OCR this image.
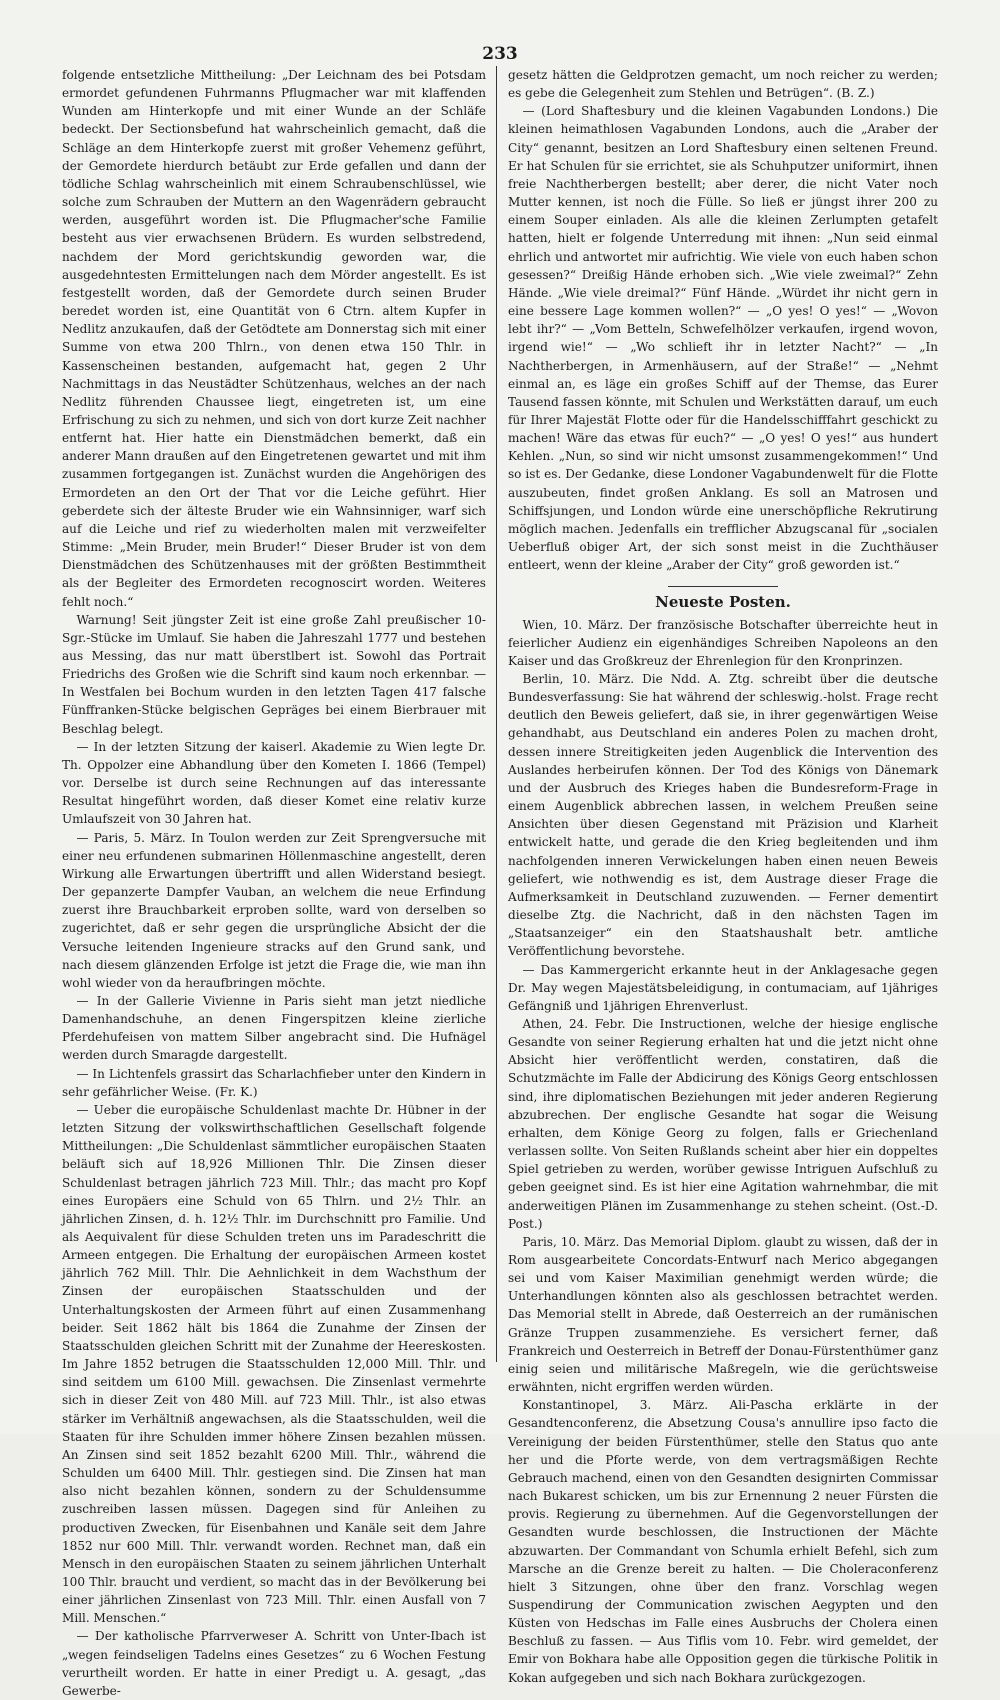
233

folgende entsetzliche Mittheilung: „Der Leichnam des bei Potsdam ermordet gefundenen Fuhrmanns Pflugmacher war mit klaffenden Wunden am Hinterkopfe und mit einer Wunde an der Schläfe bedeckt. Der Sectionsbefund hat wahrscheinlich gemacht, daß die Schläge an dem Hinterkopfe zuerst mit großer Vehemenz geführt, der Gemordete hierdurch betäubt zur Erde gefallen und dann der tödliche Schlag wahrscheinlich mit einem Schraubenschlüssel, wie solche zum Schrauben der Muttern an den Wagenrädern gebraucht werden, ausgeführt worden ist. Die Pflugmacher'sche Familie besteht aus vier erwachsenen Brüdern. Es wurden selbstredend, nachdem der Mord gerichtskundig geworden war, die ausgedehntesten Ermittelungen nach dem Mörder angestellt. Es ist festgestellt worden, daß der Gemordete durch seinen Bruder beredet worden ist, eine Quantität von 6 Ctrn. altem Kupfer in Nedlitz anzukaufen, daß der Getödtete am Donnerstag sich mit einer Summe von etwa 200 Thlrn., von denen etwa 150 Thlr. in Kassenscheinen bestanden, aufgemacht hat, gegen 2 Uhr Nachmittags in das Neustädter Schützenhaus, welches an der nach Nedlitz führenden Chaussee liegt, eingetreten ist, um eine Erfrischung zu sich zu nehmen, und sich von dort kurze Zeit nachher entfernt hat. Hier hatte ein Dienstmädchen bemerkt, daß ein anderer Mann draußen auf den Eingetretenen gewartet und mit ihm zusammen fortgegangen ist. Zunächst wurden die Angehörigen des Ermordeten an den Ort der That vor die Leiche geführt. Hier geberdete sich der älteste Bruder wie ein Wahnsinniger, warf sich auf die Leiche und rief zu wiederholten malen mit verzweifelter Stimme: „Mein Bruder, mein Bruder!“ Dieser Bruder ist von dem Dienstmädchen des Schützenhauses mit der größten Bestimmtheit als der Begleiter des Ermordeten recognoscirt worden. Weiteres fehlt noch.“

Warnung! Seit jüngster Zeit ist eine große Zahl preußischer 10-Sgr.-Stücke im Umlauf. Sie haben die Jahreszahl 1777 und bestehen aus Messing, das nur matt überstlbert ist. Sowohl das Portrait Friedrichs des Großen wie die Schrift sind kaum noch erkennbar. — In Westfalen bei Bochum wurden in den letzten Tagen 417 falsche Fünffranken-Stücke belgischen Gepräges bei einem Bierbrauer mit Beschlag belegt.

— In der letzten Sitzung der kaiserl. Akademie zu Wien legte Dr. Th. Oppolzer eine Abhandlung über den Kometen I. 1866 (Tempel) vor. Derselbe ist durch seine Rechnungen auf das interessante Resultat hingeführt worden, daß dieser Komet eine relativ kurze Umlaufszeit von 30 Jahren hat.

— Paris, 5. März. In Toulon werden zur Zeit Sprengversuche mit einer neu erfundenen submarinen Höllenmaschine angestellt, deren Wirkung alle Erwartungen übertrifft und allen Widerstand besiegt. Der gepanzerte Dampfer Vauban, an welchem die neue Erfindung zuerst ihre Brauchbarkeit erproben sollte, ward von derselben so zugerichtet, daß er sehr gegen die ursprüngliche Absicht der die Versuche leitenden Ingenieure stracks auf den Grund sank, und nach diesem glänzenden Erfolge ist jetzt die Frage die, wie man ihn wohl wieder von da heraufbringen möchte.

— In der Gallerie Vivienne in Paris sieht man jetzt niedliche Damenhandschuhe, an denen Fingerspitzen kleine zierliche Pferdehufeisen von mattem Silber angebracht sind. Die Hufnägel werden durch Smaragde dargestellt.

— In Lichtenfels grassirt das Scharlachfieber unter den Kindern in sehr gefährlicher Weise. (Fr. K.)

— Ueber die europäische Schuldenlast machte Dr. Hübner in der letzten Sitzung der volkswirthschaftlichen Gesellschaft folgende Mittheilungen: „Die Schuldenlast sämmtlicher europäischen Staaten beläuft sich auf 18,926 Millionen Thlr. Die Zinsen dieser Schuldenlast betragen jährlich 723 Mill. Thlr.; das macht pro Kopf eines Europäers eine Schuld von 65 Thlrn. und 2½ Thlr. an jährlichen Zinsen, d. h. 12½ Thlr. im Durchschnitt pro Familie. Und als Aequivalent für diese Schulden treten uns im Paradeschritt die Armeen entgegen. Die Erhaltung der europäischen Armeen kostet jährlich 762 Mill. Thlr. Die Aehnlichkeit in dem Wachsthum der Zinsen der europäischen Staatsschulden und der Unterhaltungskosten der Armeen führt auf einen Zusammenhang beider. Seit 1862 hält bis 1864 die Zunahme der Zinsen der Staatsschulden gleichen Schritt mit der Zunahme der Heereskosten. Im Jahre 1852 betrugen die Staatsschulden 12,000 Mill. Thlr. und sind seitdem um 6100 Mill. gewachsen. Die Zinsenlast vermehrte sich in dieser Zeit von 480 Mill. auf 723 Mill. Thlr., ist also etwas stärker im Verhältniß angewachsen, als die Staatsschulden, weil die Staaten für ihre Schulden immer höhere Zinsen bezahlen müssen. An Zinsen sind seit 1852 bezahlt 6200 Mill. Thlr., während die Schulden um 6400 Mill. Thlr. gestiegen sind. Die Zinsen hat man also nicht bezahlen können, sondern zu der Schuldensumme zuschreiben lassen müssen. Dagegen sind für Anleihen zu productiven Zwecken, für Eisenbahnen und Kanäle seit dem Jahre 1852 nur 600 Mill. Thlr. verwandt worden. Rechnet man, daß ein Mensch in den europäischen Staaten zu seinem jährlichen Unterhalt 100 Thlr. braucht und verdient, so macht das in der Bevölkerung bei einer jährlichen Zinsenlast von 723 Mill. Thlr. einen Ausfall von 7 Mill. Menschen.“

— Der katholische Pfarrverweser A. Schritt von Unter-Ibach ist „wegen feindseligen Tadelns eines Gesetzes“ zu 6 Wochen Festung verurtheilt worden. Er hatte in einer Predigt u. A. gesagt, „das Gewerbe-

gesetz hätten die Geldprotzen gemacht, um noch reicher zu werden; es gebe die Gelegenheit zum Stehlen und Betrügen“. (B. Z.)

— (Lord Shaftesbury und die kleinen Vagabunden Londons.) Die kleinen heimathlosen Vagabunden Londons, auch die „Araber der City“ genannt, besitzen an Lord Shaftesbury einen seltenen Freund. Er hat Schulen für sie errichtet, sie als Schuhputzer uniformirt, ihnen freie Nachtherbergen bestellt; aber derer, die nicht Vater noch Mutter kennen, ist noch die Fülle. So ließ er jüngst ihrer 200 zu einem Souper einladen. Als alle die kleinen Zerlumpten getafelt hatten, hielt er folgende Unterredung mit ihnen: „Nun seid einmal ehrlich und antwortet mir aufrichtig. Wie viele von euch haben schon gesessen?“ Dreißig Hände erhoben sich. „Wie viele zweimal?“ Zehn Hände. „Wie viele dreimal?“ Fünf Hände. „Würdet ihr nicht gern in eine bessere Lage kommen wollen?“ — „O yes! O yes!“ — „Wovon lebt ihr?“ — „Vom Betteln, Schwefelhölzer verkaufen, irgend wovon, irgend wie!“ — „Wo schlieft ihr in letzter Nacht?“ — „In Nachtherbergen, in Armenhäusern, auf der Straße!“ — „Nehmt einmal an, es läge ein großes Schiff auf der Themse, das Eurer Tausend fassen könnte, mit Schulen und Werkstätten darauf, um euch für Ihrer Majestät Flotte oder für die Handelsschifffahrt geschickt zu machen! Wäre das etwas für euch?“ — „O yes! O yes!“ aus hundert Kehlen. „Nun, so sind wir nicht umsonst zusammengekommen!“ Und so ist es. Der Gedanke, diese Londoner Vagabundenwelt für die Flotte auszubeuten, findet großen Anklang. Es soll an Matrosen und Schiffsjungen, und London würde eine unerschöpfliche Rekrutirung möglich machen. Jedenfalls ein trefflicher Abzugscanal für „socialen Ueberfluß obiger Art, der sich sonst meist in die Zuchthäuser entleert, wenn der kleine „Araber der City“ groß geworden ist.“

Neueste Posten.

Wien, 10. März. Der französische Botschafter überreichte heut in feierlicher Audienz ein eigenhändiges Schreiben Napoleons an den Kaiser und das Großkreuz der Ehrenlegion für den Kronprinzen.

Berlin, 10. März. Die Ndd. A. Ztg. schreibt über die deutsche Bundesverfassung: Sie hat während der schleswig.-holst. Frage recht deutlich den Beweis geliefert, daß sie, in ihrer gegenwärtigen Weise gehandhabt, aus Deutschland ein anderes Polen zu machen droht, dessen innere Streitigkeiten jeden Augenblick die Intervention des Auslandes herbeirufen können. Der Tod des Königs von Dänemark und der Ausbruch des Krieges haben die Bundesreform-Frage in einem Augenblick abbrechen lassen, in welchem Preußen seine Ansichten über diesen Gegenstand mit Präzision und Klarheit entwickelt hatte, und gerade die den Krieg begleitenden und ihm nachfolgenden inneren Verwickelungen haben einen neuen Beweis geliefert, wie nothwendig es ist, dem Austrage dieser Frage die Aufmerksamkeit in Deutschland zuzuwenden. — Ferner dementirt dieselbe Ztg. die Nachricht, daß in den nächsten Tagen im „Staatsanzeiger“ ein den Staatshaushalt betr. amtliche Veröffentlichung bevorstehe.

— Das Kammergericht erkannte heut in der Anklagesache gegen Dr. May wegen Majestätsbeleidigung, in contumaciam, auf 1jähriges Gefängniß und 1jährigen Ehrenverlust.

Athen, 24. Febr. Die Instructionen, welche der hiesige englische Gesandte von seiner Regierung erhalten hat und die jetzt nicht ohne Absicht hier veröffentlicht werden, constatiren, daß die Schutzmächte im Falle der Abdicirung des Königs Georg entschlossen sind, ihre diplomatischen Beziehungen mit jeder anderen Regierung abzubrechen. Der englische Gesandte hat sogar die Weisung erhalten, dem Könige Georg zu folgen, falls er Griechenland verlassen sollte. Von Seiten Rußlands scheint aber hier ein doppeltes Spiel getrieben zu werden, worüber gewisse Intriguen Aufschluß zu geben geeignet sind. Es ist hier eine Agitation wahrnehmbar, die mit anderweitigen Plänen im Zusammenhange zu stehen scheint. (Ost.-D. Post.)

Paris, 10. März. Das Memorial Diplom. glaubt zu wissen, daß der in Rom ausgearbeitete Concordats-Entwurf nach Merico abgegangen sei und vom Kaiser Maximilian genehmigt werden würde; die Unterhandlungen könnten also als geschlossen betrachtet werden. Das Memorial stellt in Abrede, daß Oesterreich an der rumänischen Gränze Truppen zusammenziehe. Es versichert ferner, daß Frankreich und Oesterreich in Betreff der Donau-Fürstenthümer ganz einig seien und militärische Maßregeln, wie die gerüchtsweise erwähnten, nicht ergriffen werden würden.

Konstantinopel, 3. März. Ali-Pascha erklärte in der Gesandtenconferenz, die Absetzung Cousa's annullire ipso facto die Vereinigung der beiden Fürstenthümer, stelle den Status quo ante her und die Pforte werde, von dem vertragsmäßigen Rechte Gebrauch machend, einen von den Gesandten designirten Commissar nach Bukarest schicken, um bis zur Ernennung 2 neuer Fürsten die provis. Regierung zu übernehmen. Auf die Gegenvorstellungen der Gesandten wurde beschlossen, die Instructionen der Mächte abzuwarten. Der Commandant von Schumla erhielt Befehl, sich zum Marsche an die Grenze bereit zu halten. — Die Choleraconferenz hielt 3 Sitzungen, ohne über den franz. Vorschlag wegen Suspendirung der Communication zwischen Aegypten und den Küsten von Hedschas im Falle eines Ausbruchs der Cholera einen Beschluß zu fassen. — Aus Tiflis vom 10. Febr. wird gemeldet, der Emir von Bokhara habe alle Opposition gegen die türkische Politik in Kokan aufgegeben und sich nach Bokhara zurückgezogen.
